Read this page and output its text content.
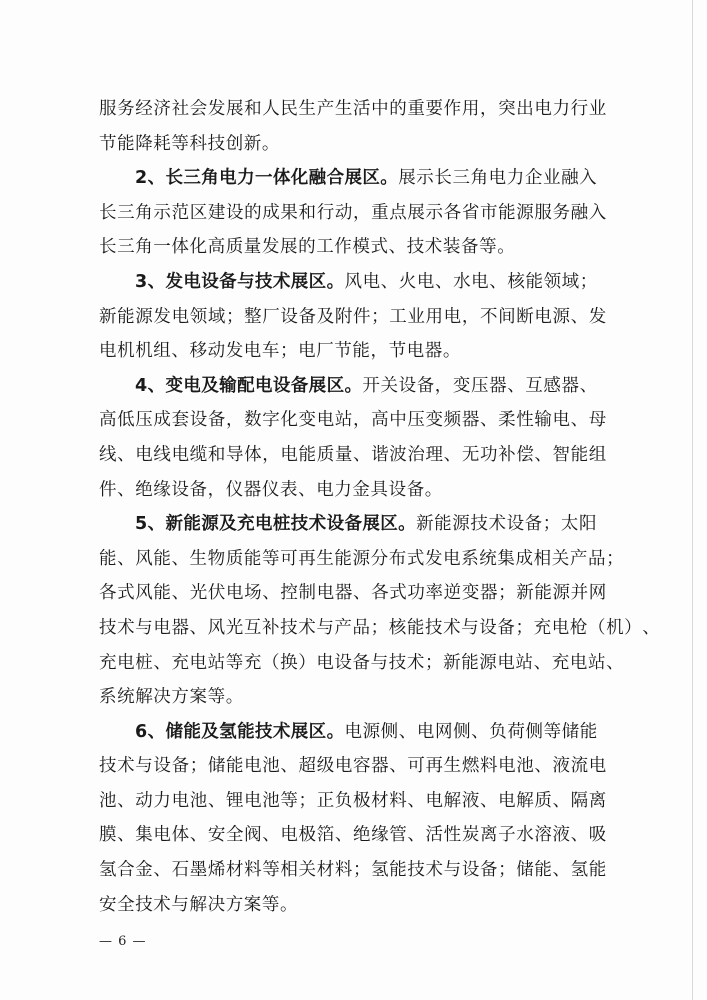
服 务 经 济 社 会 发 展 和 人 民 生 产 生 活 中 的 重 要 作 用 ， 突 出 电 力 行 业
节能降耗等科技创新。
2、长三角电力一体化融合展区。 展示长三角电力企业融入
长 三 角 示 范 区 建 设 的 成 果 和 行 动 ， 重 点 展 示 各 省 市 能 源 服 务 融 入
长三角一体化高质量发展的工作模式、技术装备等。
3、发电设备与技术展区。 风电、火电、水电、核能领域；
新 能 源 发 电 领 域 ； 整 厂 设 备 及 附 件 ； 工 业 用 电 ， 不 间 断 电 源 、 发
电机机组、移动发电车；电厂节能，节电器。
4、变电及输配电设备展区。 开关设备，变压器、互感器、
高 低 压 成 套 设 备 ， 数 字 化 变 电 站 ， 高 中 压 变 频 器 、 柔 性 输 电 、 母
线 、 电 线 电 缆 和 导 体 ， 电 能 质 量 、 谐 波 治 理 、 无 功 补 偿 、 智 能 组
件、绝缘设备，仪器仪表、电力金具设备。
5、新能源及充电桩技术设备展区。 新能源技术设备；太阳
能 、 风 能 、 生 物 质 能 等 可 再 生 能 源 分 布 式 发 电 系 统 集 成 相 关 产 品 ；
各 式 风 能 、 光 伏 电 场 、 控 制 电 器 、 各 式 功 率 逆 变 器 ； 新 能 源 并 网
技 术 与 电 器 、 风 光 互 补 技 术 与 产 品 ； 核 能 技 术 与 设 备 ； 充 电 枪 （ 机 ） 、
充 电 桩 、 充 电 站 等 充 （ 换 ） 电 设 备 与 技 术 ； 新 能 源 电 站 、 充 电 站 、
系统解决方案等。
6、储能及氢能技术展区。 电源侧、电网侧、负荷侧等储能
技 术 与 设 备 ； 储 能 电 池 、 超 级 电 容 器 、 可 再 生 燃 料 电 池 、 液 流 电
池 、 动 力 电 池 、 锂 电 池 等 ； 正 负 极 材 料 、 电 解 液 、 电 解 质 、 隔 离
膜 、 集 电 体 、 安 全 阀 、 电 极 箔 、 绝 缘 管 、 活 性 炭 离 子 水 溶 液 、 吸
氢 合 金 、 石 墨 烯 材 料 等 相 关 材 料 ； 氢 能 技 术 与 设 备 ； 储 能 、 氢 能
安全技术与解决方案等。
— 6 —
